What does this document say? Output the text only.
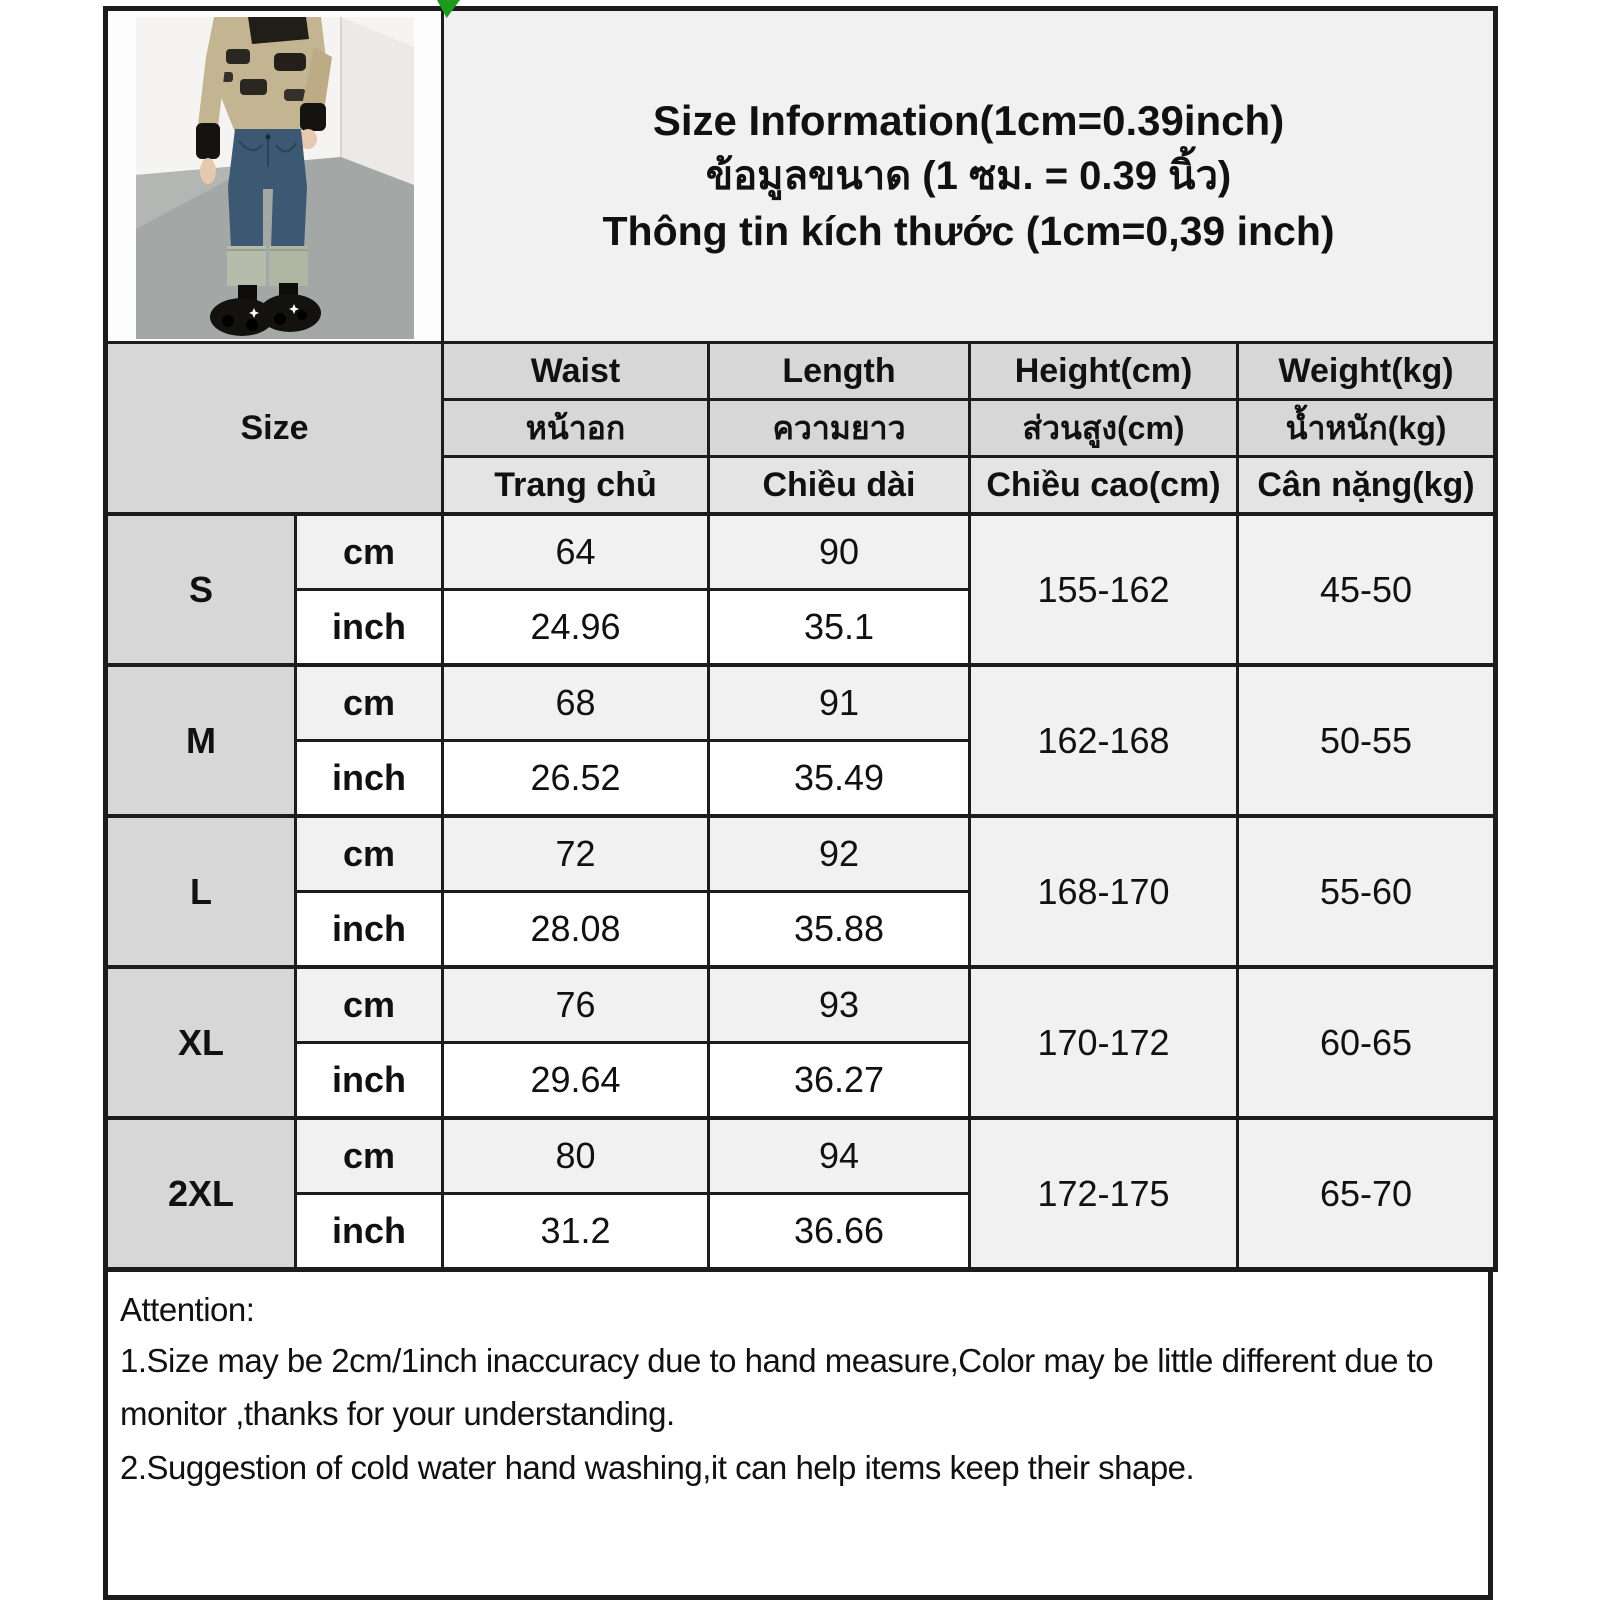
Size Information(1cm=0.39inch)
ข้อมูลขนาด (1 ซม. = 0.39 นิ้ว)
Thông tin kích thước (1cm=0,39 inch)			

Size		Waist	Length	Height(cm)	Weight(kg)
		หน้าอก	ความยาว	ส่วนสูง(cm)	น้ำหนัก(kg)
		Trang chủ	Chiều dài	Chiều cao(cm)	Cân nặng(kg)
S	cm	64	90	155-162	45-50
	inch	24.96	35.1		
M	cm	68	91	162-168	50-55
	inch	26.52	35.49		
L	cm	72	92	168-170	55-60
	inch	28.08	35.88		
XL	cm	76	93	170-172	60-65
	inch	29.64	36.27		
2XL	cm	80	94	172-175	65-70
	inch	31.2	36.66		
Attention:
1.Size may be 2cm/1inch inaccuracy due to hand measure,Color may be little different due to monitor ,thanks for your understanding.
2.Suggestion of cold water hand washing,it can help items keep their shape.
